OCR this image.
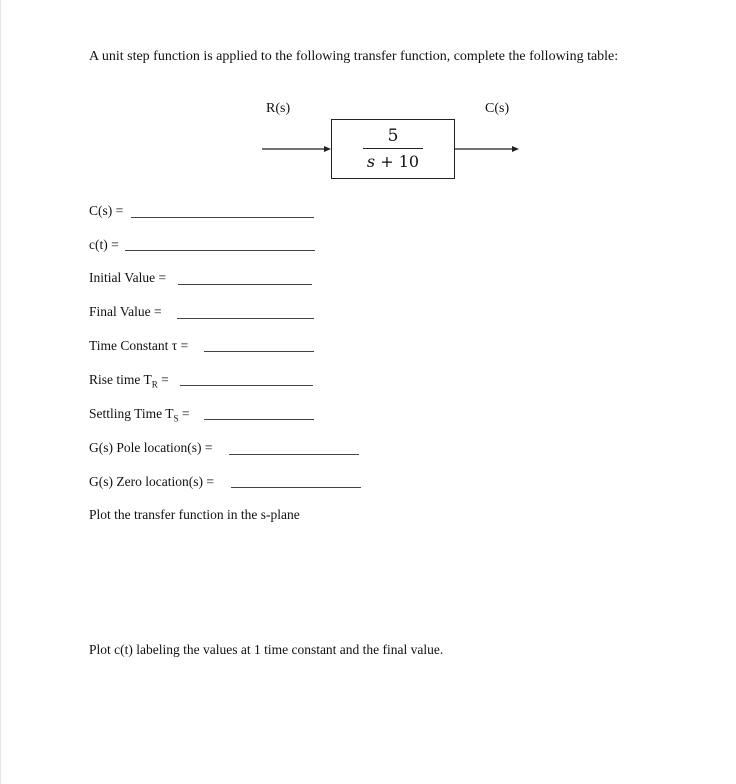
A unit step function is applied to the following transfer function, complete the following table:
R(s)	C(s)
5
s + 10
C(s) =
c(t) =
Initial Value =
Final Value =
Time Constant τ =
Rise time $T_R$ =
Settling Time $T_S$ =
G(s) Pole location(s) =
G(s) Zero location(s) =
Plot the transfer function in the s-plane
Plot c(t) labeling the values at 1 time constant and the final value.
